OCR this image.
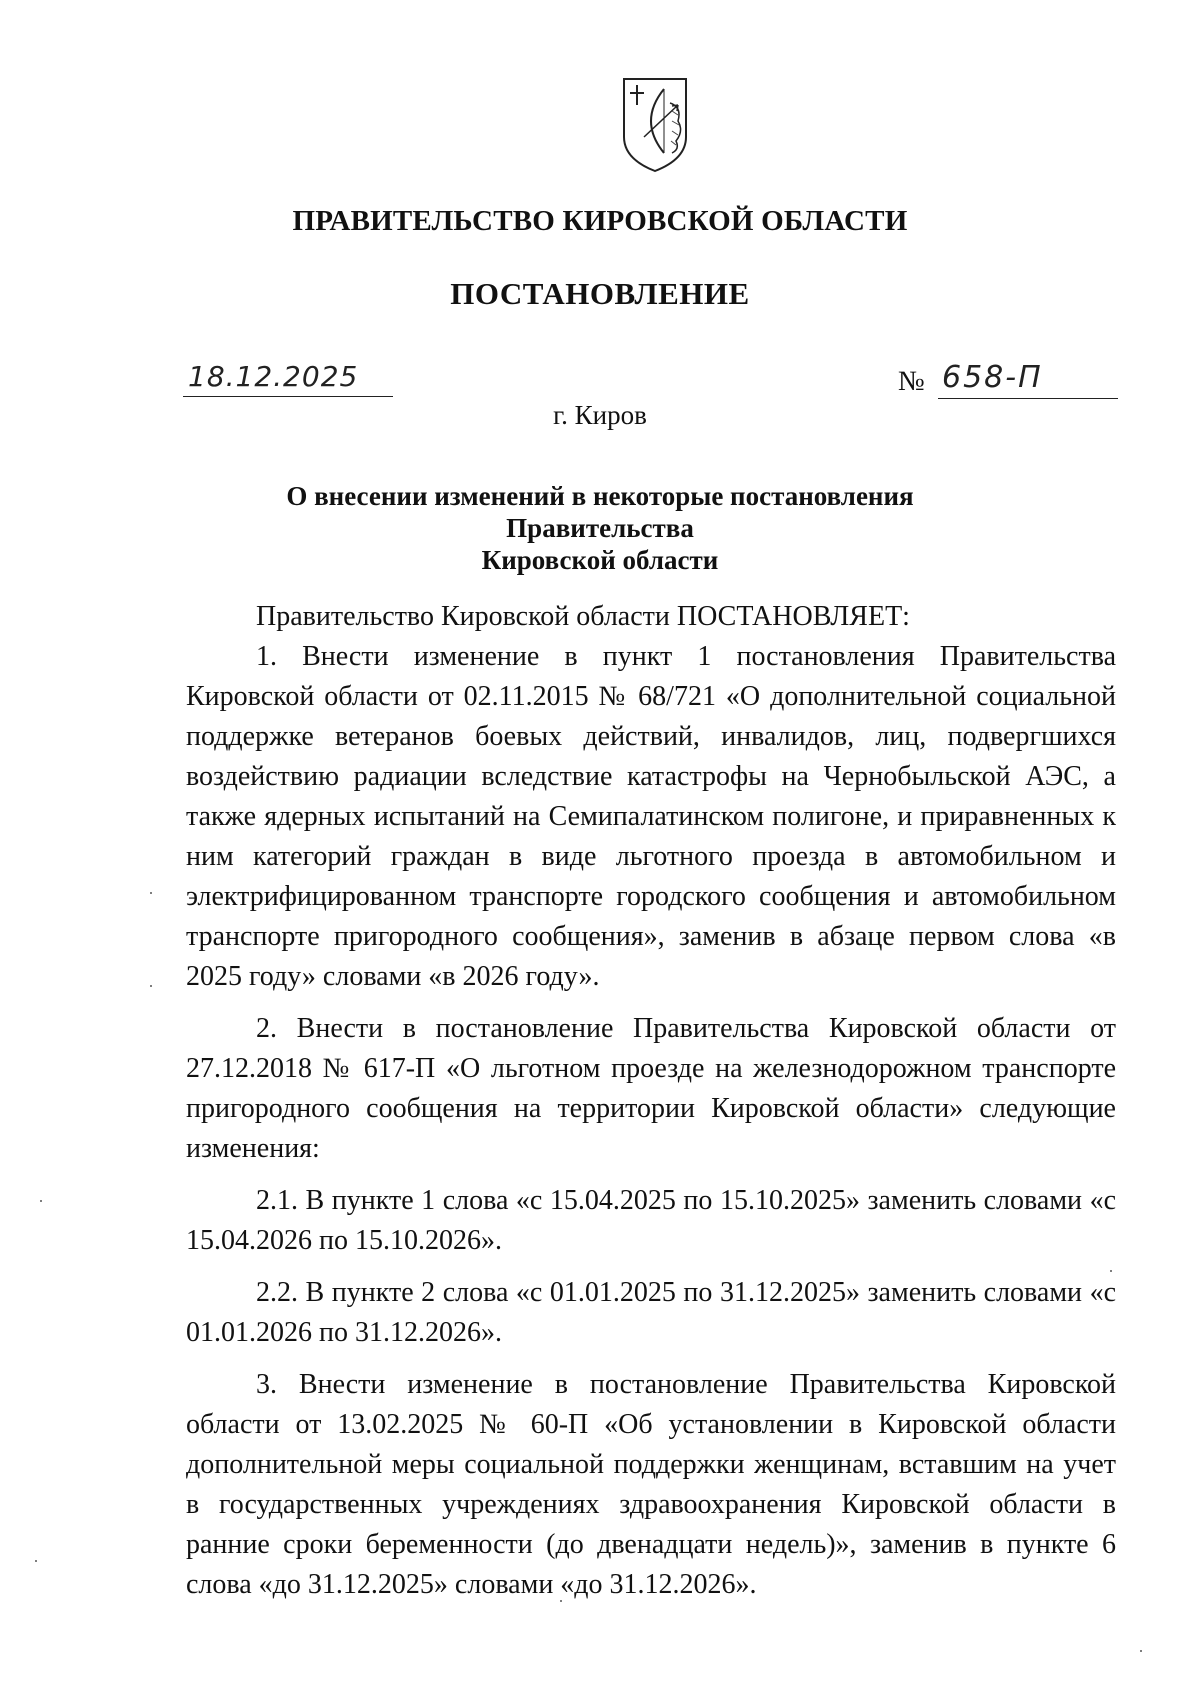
ПРАВИТЕЛЬСТВО КИРОВСКОЙ ОБЛАСТИ
ПОСТАНОВЛЕНИЕ
18.12.2025	№ 658-П
г. Киров
О внесении изменений в некоторые постановления Правительства
Кировской области

Правительство Кировской области ПОСТАНОВЛЯЕТ:

1. Внести изменение в пункт 1 постановления Правительства Кировской области от 02.11.2015 № 68/721 «О дополнительной социальной поддержке ветеранов боевых действий, инвалидов, лиц, подвергшихся воздействию радиации вследствие катастрофы на Чернобыльской АЭС, а также ядерных испытаний на Семипалатинском полигоне, и приравненных к ним категорий граждан в виде льготного проезда в автомобильном и электрифицированном транспорте городского сообщения и автомобильном транспорте пригородного сообщения», заменив в абзаце первом слова «в 2025 году» словами «в 2026 году».

2. Внести в постановление Правительства Кировской области от 27.12.2018 № 617-П «О льготном проезде на железнодорожном транспорте пригородного сообщения на территории Кировской области» следующие изменения:

2.1. В пункте 1 слова «с 15.04.2025 по 15.10.2025» заменить словами «с 15.04.2026 по 15.10.2026».

2.2. В пункте 2 слова «с 01.01.2025 по 31.12.2025» заменить словами «с 01.01.2026 по 31.12.2026».

3. Внести изменение в постановление Правительства Кировской области от 13.02.2025 № 60-П «Об установлении в Кировской области дополнительной меры социальной поддержки женщинам, вставшим на учет в государственных учреждениях здравоохранения Кировской области в ранние сроки беременности (до двенадцати недель)», заменив в пункте 6 слова «до 31.12.2025» словами «до 31.12.2026».
